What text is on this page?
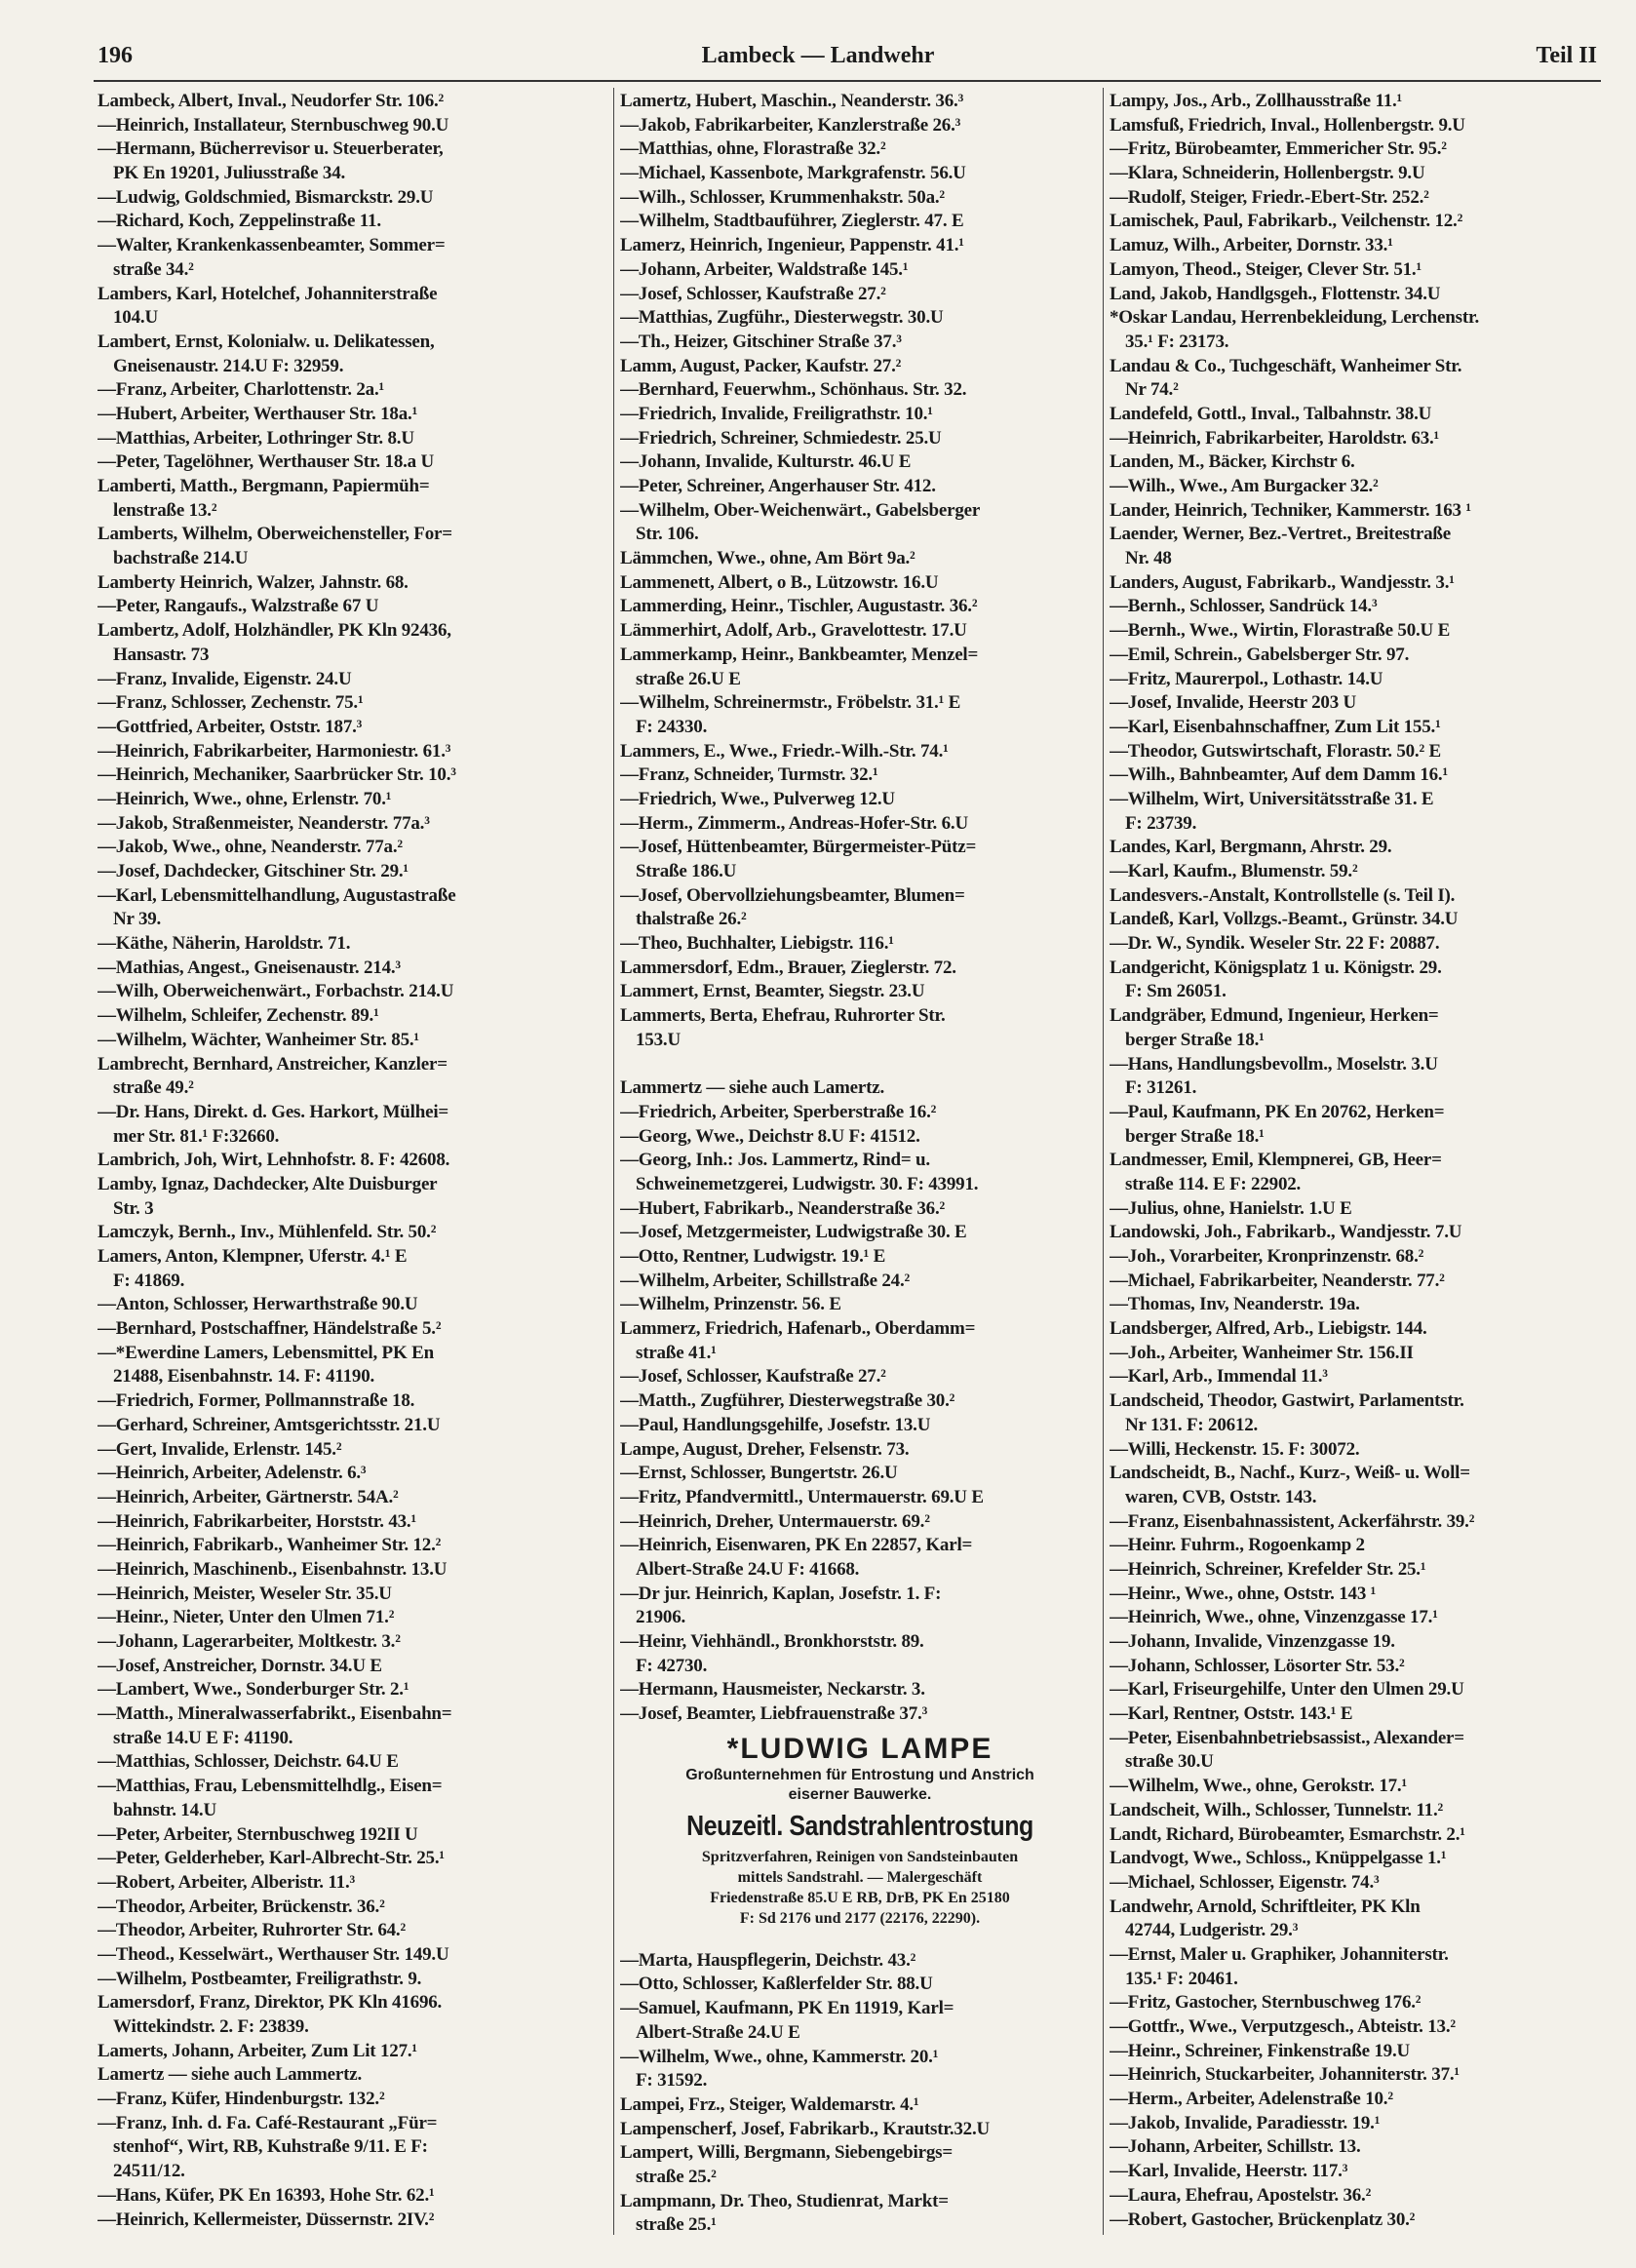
196	Lambeck — Landwehr	Teil II
Lambeck, Albert, Inval., Neudorfer Str. 106.²
—Heinrich, Installateur, Sternbuschweg 90.U
—Hermann, Bücherrevisor u. Steuerberater,
PK En 19201, Juliusstraße 34.
—Ludwig, Goldschmied, Bismarckstr. 29.U
—Richard, Koch, Zeppelinstraße 11.
—Walter, Krankenkassenbeamter, Sommer=
straße 34.²
Lambers, Karl, Hotelchef, Johanniterstraße
104.U
Lambert, Ernst, Kolonialw. u. Delikatessen,
Gneisenaustr. 214.U F: 32959.
—Franz, Arbeiter, Charlottenstr. 2a.¹
—Hubert, Arbeiter, Werthauser Str. 18a.¹
—Matthias, Arbeiter, Lothringer Str. 8.U
—Peter, Tagelöhner, Werthauser Str. 18.a U
Lamberti, Matth., Bergmann, Papiermüh=
lenstraße 13.²
Lamberts, Wilhelm, Oberweichensteller, For=
bachstraße 214.U
Lamberty Heinrich, Walzer, Jahnstr. 68.
—Peter, Rangaufs., Walzstraße 67 U
Lambertz, Adolf, Holzhändler, PK Kln 92436,
Hansastr. 73
—Franz, Invalide, Eigenstr. 24.U
—Franz, Schlosser, Zechenstr. 75.¹
—Gottfried, Arbeiter, Oststr. 187.³
—Heinrich, Fabrikarbeiter, Harmoniestr. 61.³
—Heinrich, Mechaniker, Saarbrücker Str. 10.³
—Heinrich, Wwe., ohne, Erlenstr. 70.¹
—Jakob, Straßenmeister, Neanderstr. 77a.³
—Jakob, Wwe., ohne, Neanderstr. 77a.²
—Josef, Dachdecker, Gitschiner Str. 29.¹
—Karl, Lebensmittelhandlung, Augustastraße
Nr 39.
—Käthe, Näherin, Haroldstr. 71.
—Mathias, Angest., Gneisenaustr. 214.³
—Wilh, Oberweichenwärt., Forbachstr. 214.U
—Wilhelm, Schleifer, Zechenstr. 89.¹
—Wilhelm, Wächter, Wanheimer Str. 85.¹
Lambrecht, Bernhard, Anstreicher, Kanzler=
straße 49.²
—Dr. Hans, Direkt. d. Ges. Harkort, Mülhei=
mer Str. 81.¹ F:32660.
Lambrich, Joh, Wirt, Lehnhofstr. 8. F: 42608.
Lamby, Ignaz, Dachdecker, Alte Duisburger
Str. 3
Lamczyk, Bernh., Inv., Mühlenfeld. Str. 50.²
Lamers, Anton, Klempner, Uferstr. 4.¹ E
F: 41869.
—Anton, Schlosser, Herwarthstraße 90.U
—Bernhard, Postschaffner, Händelstraße 5.²
—*Ewerdine Lamers, Lebensmittel, PK En
21488, Eisenbahnstr. 14. F: 41190.
—Friedrich, Former, Pollmannstraße 18.
—Gerhard, Schreiner, Amtsgerichtsstr. 21.U
—Gert, Invalide, Erlenstr. 145.²
—Heinrich, Arbeiter, Adelenstr. 6.³
—Heinrich, Arbeiter, Gärtnerstr. 54A.²
—Heinrich, Fabrikarbeiter, Horststr. 43.¹
—Heinrich, Fabrikarb., Wanheimer Str. 12.²
—Heinrich, Maschinenb., Eisenbahnstr. 13.U
—Heinrich, Meister, Weseler Str. 35.U
—Heinr., Nieter, Unter den Ulmen 71.²
—Johann, Lagerarbeiter, Moltkestr. 3.²
—Josef, Anstreicher, Dornstr. 34.U E
—Lambert, Wwe., Sonderburger Str. 2.¹
—Matth., Mineralwasserfabrikt., Eisenbahn=
straße 14.U E F: 41190.
—Matthias, Schlosser, Deichstr. 64.U E
—Matthias, Frau, Lebensmittelhdlg., Eisen=
bahnstr. 14.U
—Peter, Arbeiter, Sternbuschweg 192II U
—Peter, Gelderheber, Karl-Albrecht-Str. 25.¹
—Robert, Arbeiter, Alberistr. 11.³
—Theodor, Arbeiter, Brückenstr. 36.²
—Theodor, Arbeiter, Ruhrorter Str. 64.²
—Theod., Kesselwärt., Werthauser Str. 149.U
—Wilhelm, Postbeamter, Freiligrathstr. 9.
Lamersdorf, Franz, Direktor, PK Kln 41696.
Wittekindstr. 2. F: 23839.
Lamerts, Johann, Arbeiter, Zum Lit 127.¹
Lamertz — siehe auch Lammertz.
—Franz, Küfer, Hindenburgstr. 132.²
—Franz, Inh. d. Fa. Café-Restaurant „Für=
stenhof“, Wirt, RB, Kuhstraße 9/11. E F:
24511/12.
—Hans, Küfer, PK En 16393, Hohe Str. 62.¹
—Heinrich, Kellermeister, Düssernstr. 2IV.²
Lamertz, Hubert, Maschin., Neanderstr. 36.³
—Jakob, Fabrikarbeiter, Kanzlerstraße 26.³
—Matthias, ohne, Florastraße 32.²
—Michael, Kassenbote, Markgrafenstr. 56.U
—Wilh., Schlosser, Krummenhakstr. 50a.²
—Wilhelm, Stadtbauführer, Zieglerstr. 47. E
Lamerz, Heinrich, Ingenieur, Pappenstr. 41.¹
—Johann, Arbeiter, Waldstraße 145.¹
—Josef, Schlosser, Kaufstraße 27.²
—Matthias, Zugführ., Diesterwegstr. 30.U
—Th., Heizer, Gitschiner Straße 37.³
Lamm, August, Packer, Kaufstr. 27.²
—Bernhard, Feuerwhm., Schönhaus. Str. 32.
—Friedrich, Invalide, Freiligrathstr. 10.¹
—Friedrich, Schreiner, Schmiedestr. 25.U
—Johann, Invalide, Kulturstr. 46.U E
—Peter, Schreiner, Angerhauser Str. 412.
—Wilhelm, Ober-Weichenwärt., Gabelsberger
Str. 106.
Lämmchen, Wwe., ohne, Am Bört 9a.²
Lammenett, Albert, o B., Lützowstr. 16.U
Lammerding, Heinr., Tischler, Augustastr. 36.²
Lämmerhirt, Adolf, Arb., Gravelottestr. 17.U
Lammerkamp, Heinr., Bankbeamter, Menzel=
straße 26.U E
—Wilhelm, Schreinermstr., Fröbelstr. 31.¹ E
F: 24330.
Lammers, E., Wwe., Friedr.-Wilh.-Str. 74.¹
—Franz, Schneider, Turmstr. 32.¹
—Friedrich, Wwe., Pulverweg 12.U
—Herm., Zimmerm., Andreas-Hofer-Str. 6.U
—Josef, Hüttenbeamter, Bürgermeister-Pütz=
Straße 186.U
—Josef, Obervollziehungsbeamter, Blumen=
thalstraße 26.²
—Theo, Buchhalter, Liebigstr. 116.¹
Lammersdorf, Edm., Brauer, Zieglerstr. 72.
Lammert, Ernst, Beamter, Siegstr. 23.U
Lammerts, Berta, Ehefrau, Ruhrorter Str.
153.U
Lammertz — siehe auch Lamertz.
—Friedrich, Arbeiter, Sperberstraße 16.²
—Georg, Wwe., Deichstr 8.U F: 41512.
—Georg, Inh.: Jos. Lammertz, Rind= u.
Schweinemetzgerei, Ludwigstr. 30. F: 43991.
—Hubert, Fabrikarb., Neanderstraße 36.²
—Josef, Metzgermeister, Ludwigstraße 30. E
—Otto, Rentner, Ludwigstr. 19.¹ E
—Wilhelm, Arbeiter, Schillstraße 24.²
—Wilhelm, Prinzenstr. 56. E
Lammerz, Friedrich, Hafenarb., Oberdamm=
straße 41.¹
—Josef, Schlosser, Kaufstraße 27.²
—Matth., Zugführer, Diesterwegstraße 30.²
—Paul, Handlungsgehilfe, Josefstr. 13.U
Lampe, August, Dreher, Felsenstr. 73.
—Ernst, Schlosser, Bungertstr. 26.U
—Fritz, Pfandvermittl., Untermauerstr. 69.U E
—Heinrich, Dreher, Untermauerstr. 69.²
—Heinrich, Eisenwaren, PK En 22857, Karl=
Albert-Straße 24.U F: 41668.
—Dr jur. Heinrich, Kaplan, Josefstr. 1. F:
21906.
—Heinr, Viehhändl., Bronkhorststr. 89.
F: 42730.
—Hermann, Hausmeister, Neckarstr. 3.
—Josef, Beamter, Liebfrauenstraße 37.³
*LUDWIG LAMPE
Großunternehmen für Entrostung und Anstrich
eiserner Bauwerke.
Neuzeitl. Sandstrahlentrostung
Spritzverfahren, Reinigen von Sandsteinbauten
mittels Sandstrahl. — Malergeschäft
Friedenstraße 85.U E RB, DrB, PK En 25180
F: Sd 2176 und 2177 (22176, 22290).
—Marta, Hauspflegerin, Deichstr. 43.²
—Otto, Schlosser, Kaßlerfelder Str. 88.U
—Samuel, Kaufmann, PK En 11919, Karl=
Albert-Straße 24.U E
—Wilhelm, Wwe., ohne, Kammerstr. 20.¹
F: 31592.
Lampei, Frz., Steiger, Waldemarstr. 4.¹
Lampenscherf, Josef, Fabrikarb., Krautstr.32.U
Lampert, Willi, Bergmann, Siebengebirgs=
straße 25.²
Lampmann, Dr. Theo, Studienrat, Markt=
straße 25.¹
Lampy, Jos., Arb., Zollhausstraße 11.¹
Lamsfuß, Friedrich, Inval., Hollenbergstr. 9.U
—Fritz, Bürobeamter, Emmericher Str. 95.²
—Klara, Schneiderin, Hollenbergstr. 9.U
—Rudolf, Steiger, Friedr.-Ebert-Str. 252.²
Lamischek, Paul, Fabrikarb., Veilchenstr. 12.²
Lamuz, Wilh., Arbeiter, Dornstr. 33.¹
Lamyon, Theod., Steiger, Clever Str. 51.¹
Land, Jakob, Handlgsgeh., Flottenstr. 34.U
*Oskar Landau, Herrenbekleidung, Lerchenstr.
35.¹ F: 23173.
Landau & Co., Tuchgeschäft, Wanheimer Str.
Nr 74.²
Landefeld, Gottl., Inval., Talbahnstr. 38.U
—Heinrich, Fabrikarbeiter, Haroldstr. 63.¹
Landen, M., Bäcker, Kirchstr 6.
—Wilh., Wwe., Am Burgacker 32.²
Lander, Heinrich, Techniker, Kammerstr. 163 ¹
Laender, Werner, Bez.-Vertret., Breitestraße
Nr. 48
Landers, August, Fabrikarb., Wandjesstr. 3.¹
—Bernh., Schlosser, Sandrück 14.³
—Bernh., Wwe., Wirtin, Florastraße 50.U E
—Emil, Schrein., Gabelsberger Str. 97.
—Fritz, Maurerpol., Lothastr. 14.U
—Josef, Invalide, Heerstr 203 U
—Karl, Eisenbahnschaffner, Zum Lit 155.¹
—Theodor, Gutswirtschaft, Florastr. 50.² E
—Wilh., Bahnbeamter, Auf dem Damm 16.¹
—Wilhelm, Wirt, Universitätsstraße 31. E
F: 23739.
Landes, Karl, Bergmann, Ahrstr. 29.
—Karl, Kaufm., Blumenstr. 59.²
Landesvers.-Anstalt, Kontrollstelle (s. Teil I).
Landeß, Karl, Vollzgs.-Beamt., Grünstr. 34.U
—Dr. W., Syndik. Weseler Str. 22 F: 20887.
Landgericht, Königsplatz 1 u. Königstr. 29.
F: Sm 26051.
Landgräber, Edmund, Ingenieur, Herken=
berger Straße 18.¹
—Hans, Handlungsbevollm., Moselstr. 3.U
F: 31261.
—Paul, Kaufmann, PK En 20762, Herken=
berger Straße 18.¹
Landmesser, Emil, Klempnerei, GB, Heer=
straße 114. E F: 22902.
—Julius, ohne, Hanielstr. 1.U E
Landowski, Joh., Fabrikarb., Wandjesstr. 7.U
—Joh., Vorarbeiter, Kronprinzenstr. 68.²
—Michael, Fabrikarbeiter, Neanderstr. 77.²
—Thomas, Inv, Neanderstr. 19a.
Landsberger, Alfred, Arb., Liebigstr. 144.
—Joh., Arbeiter, Wanheimer Str. 156.II
—Karl, Arb., Immendal 11.³
Landscheid, Theodor, Gastwirt, Parlamentstr.
Nr 131. F: 20612.
—Willi, Heckenstr. 15. F: 30072.
Landscheidt, B., Nachf., Kurz-, Weiß- u. Woll=
waren, CVB, Oststr. 143.
—Franz, Eisenbahnassistent, Ackerfährstr. 39.²
—Heinr. Fuhrm., Rogoenkamp 2
—Heinrich, Schreiner, Krefelder Str. 25.¹
—Heinr., Wwe., ohne, Oststr. 143 ¹
—Heinrich, Wwe., ohne, Vinzenzgasse 17.¹
—Johann, Invalide, Vinzenzgasse 19.
—Johann, Schlosser, Lösorter Str. 53.²
—Karl, Friseurgehilfe, Unter den Ulmen 29.U
—Karl, Rentner, Oststr. 143.¹ E
—Peter, Eisenbahnbetriebsassist., Alexander=
straße 30.U
—Wilhelm, Wwe., ohne, Gerokstr. 17.¹
Landscheit, Wilh., Schlosser, Tunnelstr. 11.²
Landt, Richard, Bürobeamter, Esmarchstr. 2.¹
Landvogt, Wwe., Schloss., Knüppelgasse 1.¹
—Michael, Schlosser, Eigenstr. 74.³
Landwehr, Arnold, Schriftleiter, PK Kln
42744, Ludgeristr. 29.³
—Ernst, Maler u. Graphiker, Johanniterstr.
135.¹ F: 20461.
—Fritz, Gastocher, Sternbuschweg 176.²
—Gottfr., Wwe., Verputzgesch., Abteistr. 13.²
—Heinr., Schreiner, Finkenstraße 19.U
—Heinrich, Stuckarbeiter, Johanniterstr. 37.¹
—Herm., Arbeiter, Adelenstraße 10.²
—Jakob, Invalide, Paradiesstr. 19.¹
—Johann, Arbeiter, Schillstr. 13.
—Karl, Invalide, Heerstr. 117.³
—Laura, Ehefrau, Apostelstr. 36.²
—Robert, Gastocher, Brückenplatz 30.²
